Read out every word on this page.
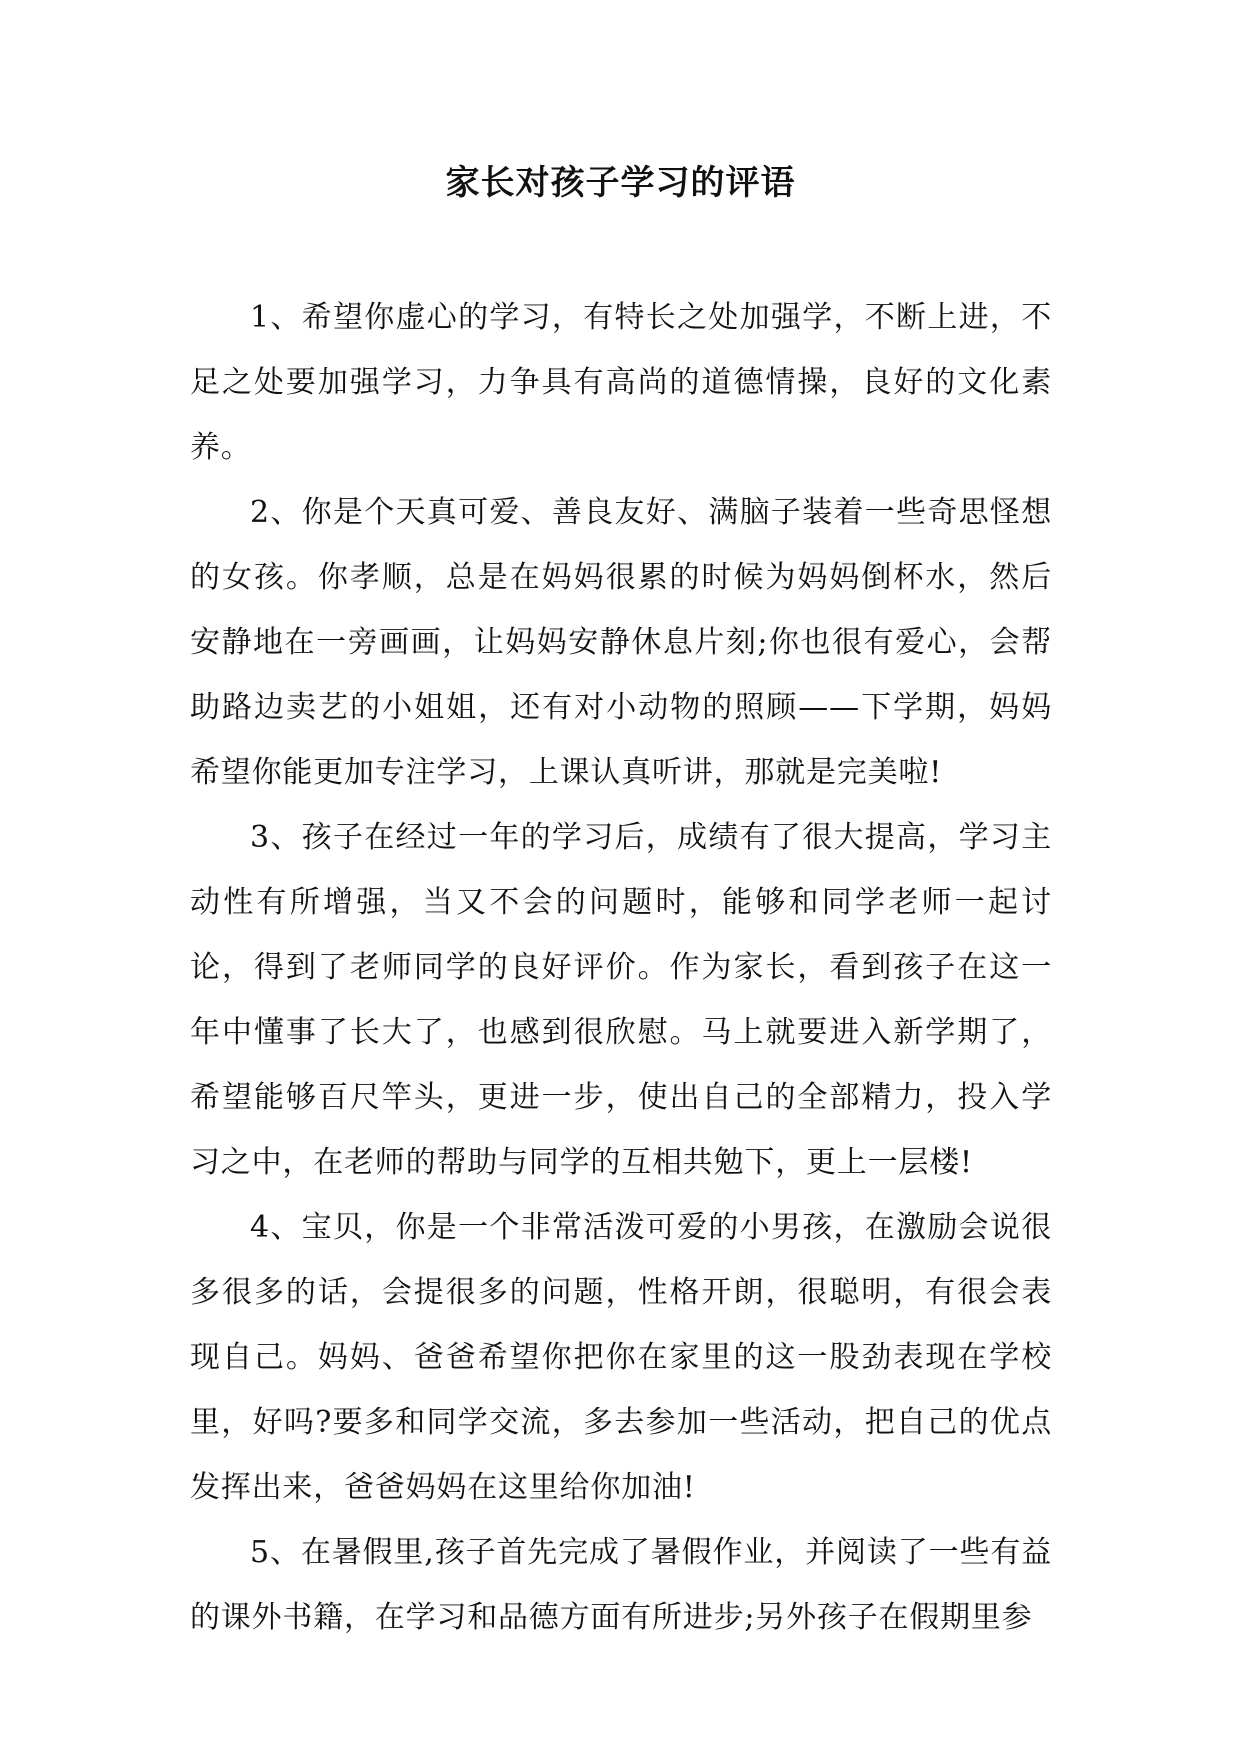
家长对孩子学习的评语

1、希望你虚心的学习，有特长之处加强学，不断上进，不足之处要加强学习，力争具有高尚的道德情操，良好的文化素养。

2、你是个天真可爱、善良友好、满脑子装着一些奇思怪想的女孩。你孝顺，总是在妈妈很累的时候为妈妈倒杯水，然后安静地在一旁画画，让妈妈安静休息片刻;你也很有爱心，会帮助路边卖艺的小姐姐，还有对小动物的照顾——下学期，妈妈希望你能更加专注学习，上课认真听讲，那就是完美啦!

3、孩子在经过一年的学习后，成绩有了很大提高，学习主动性有所增强，当又不会的问题时，能够和同学老师一起讨论，得到了老师同学的良好评价。作为家长，看到孩子在这一年中懂事了长大了，也感到很欣慰。马上就要进入新学期了，希望能够百尺竿头，更进一步，使出自己的全部精力，投入学习之中，在老师的帮助与同学的互相共勉下，更上一层楼!

4、宝贝，你是一个非常活泼可爱的小男孩，在激励会说很多很多的话，会提很多的问题，性格开朗，很聪明，有很会表现自己。妈妈、爸爸希望你把你在家里的这一股劲表现在学校里，好吗?要多和同学交流，多去参加一些活动，把自己的优点发挥出来，爸爸妈妈在这里给你加油!

5、在暑假里,孩子首先完成了暑假作业，并阅读了一些有益的课外书籍，在学习和品德方面有所进步;另外孩子在假期里参
